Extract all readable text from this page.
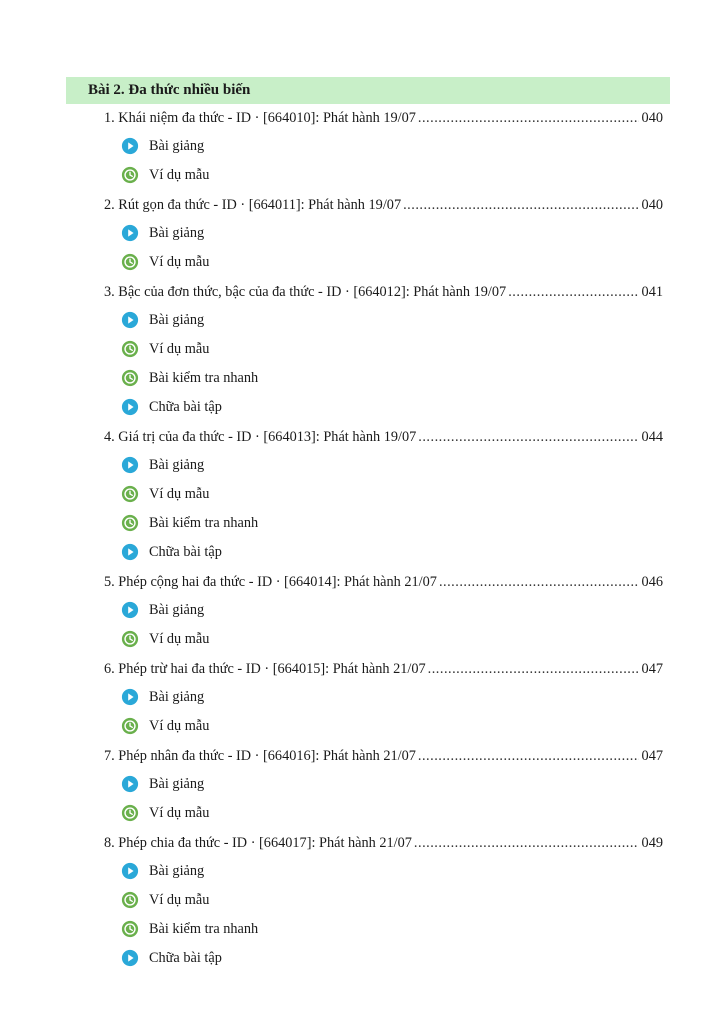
Bài 2. Đa thức nhiều biến
1. Khái niệm đa thức - ID · [664010]: Phát hành 19/07 .....	040
Bài giảng
Ví dụ mẫu
2. Rút gọn đa thức - ID · [664011]: Phát hành 19/07 .....	040
Bài giảng
Ví dụ mẫu
3. Bậc của đơn thức, bậc của đa thức - ID · [664012]: Phát hành 19/07 .....	041
Bài giảng
Ví dụ mẫu
Bài kiểm tra nhanh
Chữa bài tập
4. Giá trị của đa thức - ID · [664013]: Phát hành 19/07 .....	044
Bài giảng
Ví dụ mẫu
Bài kiểm tra nhanh
Chữa bài tập
5. Phép cộng hai đa thức - ID · [664014]: Phát hành 21/07 .....	046
Bài giảng
Ví dụ mẫu
6. Phép trừ hai đa thức - ID · [664015]: Phát hành 21/07 .....	047
Bài giảng
Ví dụ mẫu
7. Phép nhân đa thức - ID · [664016]: Phát hành 21/07 .....	047
Bài giảng
Ví dụ mẫu
8. Phép chia đa thức - ID · [664017]: Phát hành 21/07 .....	049
Bài giảng
Ví dụ mẫu
Bài kiểm tra nhanh
Chữa bài tập
